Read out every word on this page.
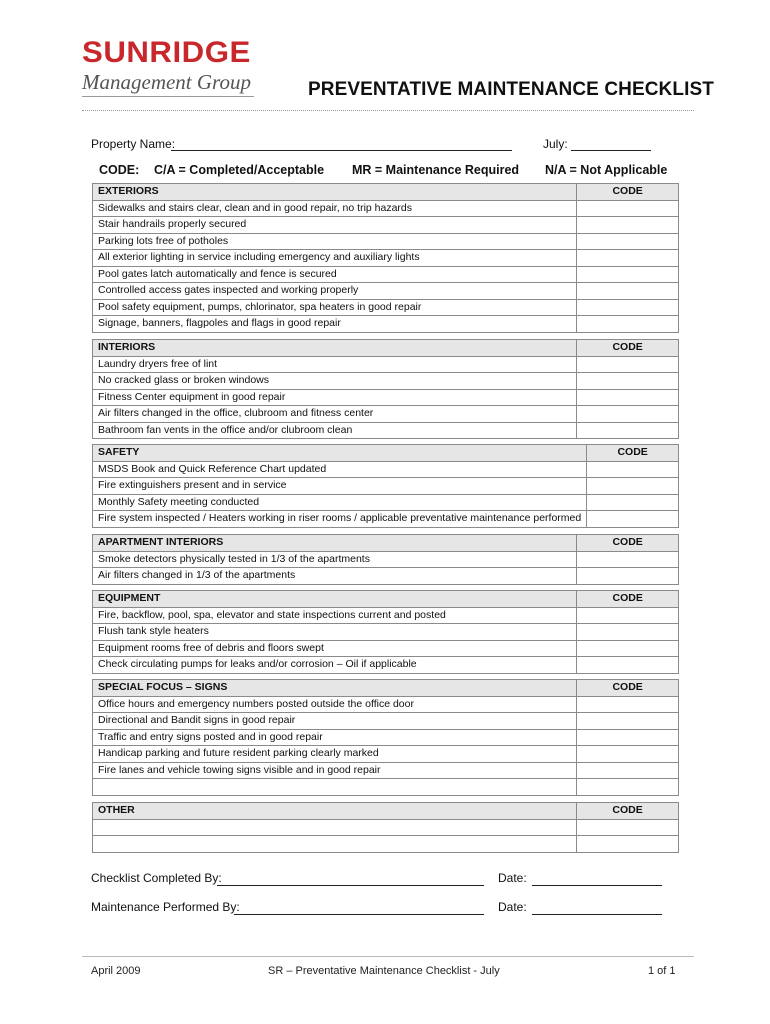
SUNRIDGE
Management Group	PREVENTATIVE MAINTENANCE CHECKLIST
Property Name:	July:
CODE: C/A = Completed/Acceptable MR = Maintenance Required N/A = Not Applicable
EXTERIORS	CODE
Sidewalks and stairs clear, clean and in good repair, no trip hazards	
Stair handrails properly secured	
Parking lots free of potholes	
All exterior lighting in service including emergency and auxiliary lights	
Pool gates latch automatically and fence is secured	
Controlled access gates inspected and working properly	
Pool safety equipment, pumps, chlorinator, spa heaters in good repair	
Signage, banners, flagpoles and flags in good repair	
INTERIORS	CODE
Laundry dryers free of lint	
No cracked glass or broken windows	
Fitness Center equipment in good repair	
Air filters changed in the office, clubroom and fitness center	
Bathroom fan vents in the office and/or clubroom clean	
SAFETY	CODE
MSDS Book and Quick Reference Chart updated	
Fire extinguishers present and in service	
Monthly Safety meeting conducted	
Fire system inspected / Heaters working in riser rooms / applicable preventative maintenance performed	
APARTMENT INTERIORS	CODE
Smoke detectors physically tested in 1/3 of the apartments	
Air filters changed in 1/3 of the apartments	
EQUIPMENT	CODE
Fire, backflow, pool, spa, elevator and state inspections current and posted	
Flush tank style heaters	
Equipment rooms free of debris and floors swept	
Check circulating pumps for leaks and/or corrosion – Oil if applicable	
SPECIAL FOCUS – SIGNS	CODE
Office hours and emergency numbers posted outside the office door	
Directional and Bandit signs in good repair	
Traffic and entry signs posted and in good repair	
Handicap parking and future resident parking clearly marked	
Fire lanes and vehicle towing signs visible and in good repair	

OTHER	CODE

Checklist Completed By:	Date:
Maintenance Performed By:	Date:
April 2009	SR – Preventative Maintenance Checklist - July	1 of 1
